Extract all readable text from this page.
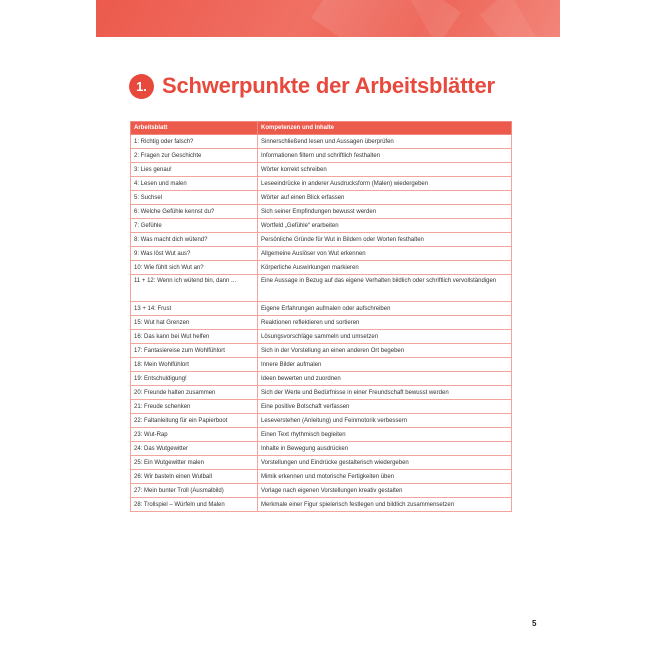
1. Schwerpunkte der Arbeitsblätter
Arbeitsblatt	Kompetenzen und Inhalte
1: Richtig oder falsch?	Sinnerschließend lesen und Aussagen überprüfen
2: Fragen zur Geschichte	Informationen filtern und schriftlich festhalten
3: Lies genau!	Wörter korrekt schreiben
4: Lesen und malen	Leseeindrücke in anderer Ausdrucksform (Malen) wiedergeben
5: Suchsel	Wörter auf einen Blick erfassen
6: Welche Gefühle kennst du?	Sich seiner Empfindungen bewusst werden
7: Gefühle	Wortfeld „Gefühle“ erarbeiten
8: Was macht dich wütend?	Persönliche Gründe für Wut in Bildern oder Worten festhalten
9: Was löst Wut aus?	Allgemeine Auslöser von Wut erkennen
10: Wie fühlt sich Wut an?	Körperliche Auswirkungen markieren
11 + 12: Wenn ich wütend bin, dann ...	Eine Aussage in Bezug auf das eigene Verhalten bildlich oder schriftlich vervollständigen
13 + 14: Frust	Eigene Erfahrungen aufmalen oder aufschreiben
15: Wut hat Grenzen	Reaktionen reflektieren und sortieren
16: Das kann bei Wut helfen	Lösungsvorschläge sammeln und umsetzen
17: Fantasiereise zum Wohlfühlort	Sich in der Vorstellung an einen anderen Ort begeben
18: Mein Wohlfühlort	Innere Bilder aufmalen
19: Entschuldigung!	Ideen bewerten und zuordnen
20: Freunde halten zusammen	Sich der Werte und Bedürfnisse in einer Freundschaft bewusst werden
21: Freude schenken	Eine positive Botschaft verfassen
22: Faltanleitung für ein Papierboot	Leseverstehen (Anleitung) und Feinmotorik verbessern
23: Wut-Rap	Einen Text rhythmisch begleiten
24: Das Wutgewitter	Inhalte in Bewegung ausdrücken
25: Ein Wutgewitter malen	Vorstellungen und Eindrücke gestalterisch wiedergeben
26: Wir basteln einen Wutball	Mimik erkennen und motorische Fertigkeiten üben
27: Mein bunter Troll (Ausmalbild)	Vorlage nach eigenen Vorstellungen kreativ gestalten
28: Trollspiel – Würfeln und Malen	Merkmale einer Figur spielerisch festlegen und bildlich zusammensetzen
5
